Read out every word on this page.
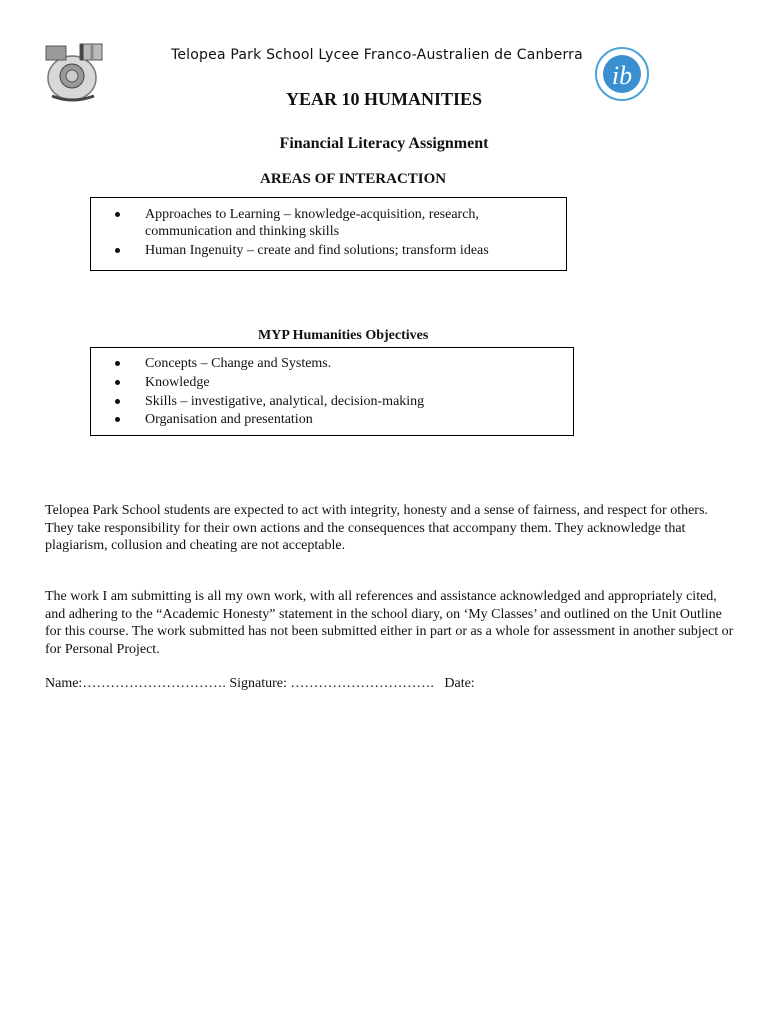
Telopea Park School Lycee Franco-Australien de Canberra
ib
YEAR 10 HUMANITIES
Financial Literacy Assignment
AREAS OF INTERACTION
Approaches to Learning – knowledge-acquisition, research,
communication and thinking skills
Human Ingenuity – create and find solutions; transform ideas
MYP Humanities Objectives
Concepts – Change and Systems.
Knowledge
Skills – investigative, analytical, decision-making
Organisation and presentation
Telopea Park School students are expected to act with integrity, honesty and a sense of fairness, and respect for others. They take responsibility for their own actions and the consequences that accompany them. They acknowledge that plagiarism, collusion and cheating are not acceptable.
The work I am submitting is all my own work, with all references and assistance acknowledged and appropriately cited, and adhering to the “Academic Honesty” statement in the school diary, on ‘My Classes’ and outlined on the Unit Outline for this course. The work submitted has not been submitted either in part or as a whole for assessment in another subject or for Personal Project.
Name:…………………………. Signature: …………………………. Date:
